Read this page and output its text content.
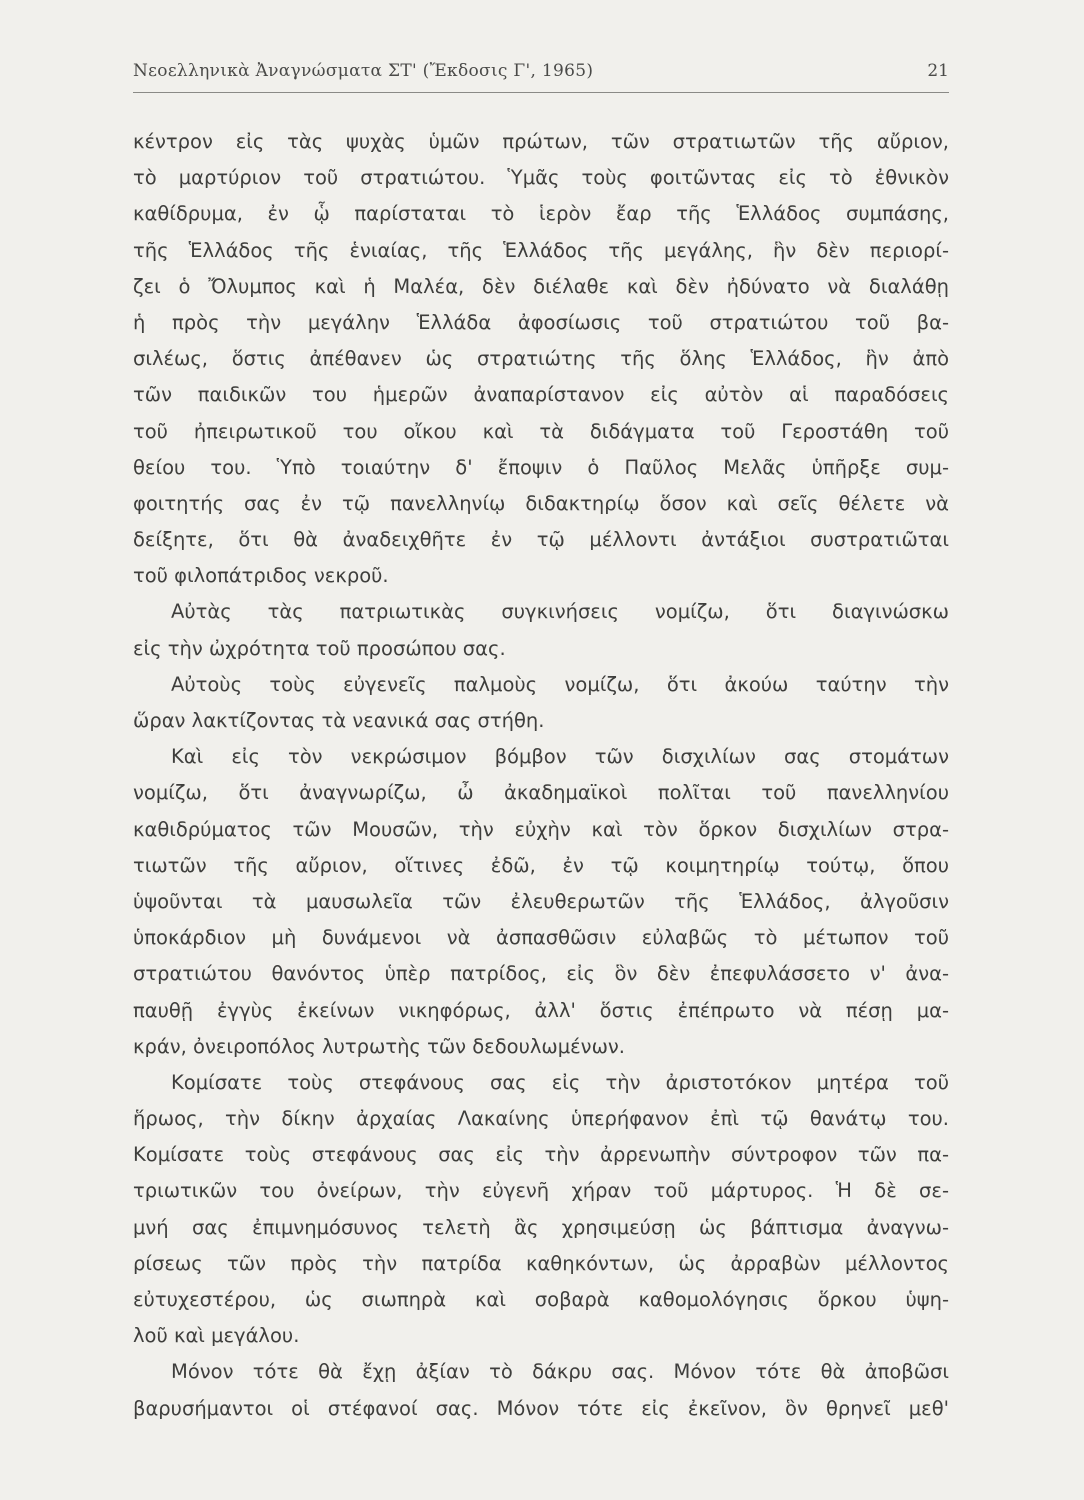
Νεοελληνικὰ Ἀναγνώσματα ΣΤ' (Ἔκδοσις Γ', 1965)	21
κέντρον εἰς τὰς ψυχὰς ὑμῶν πρώτων, τῶν στρατιωτῶν τῆς αὔριον,
τὸ μαρτύριον τοῦ στρατιώτου. Ὑμᾶς τοὺς φοιτῶντας εἰς τὸ ἐθνικὸν
καθίδρυμα, ἐν ᾧ παρίσταται τὸ ἱερὸν ἔαρ τῆς Ἑλλάδος συμπάσης,
τῆς Ἑλλάδος τῆς ἑνιαίας, τῆς Ἑλλάδος τῆς μεγάλης, ἣν δὲν περιορί-
ζει ὁ Ὄλυμπος καὶ ἡ Μαλέα, δὲν διέλαθε καὶ δὲν ἠδύνατο νὰ διαλάθῃ
ἡ πρὸς τὴν μεγάλην Ἑλλάδα ἀφοσίωσις τοῦ στρατιώτου τοῦ βα-
σιλέως, ὅστις ἀπέθανεν ὡς στρατιώτης τῆς ὅλης Ἑλλάδος, ἣν ἀπὸ
τῶν παιδικῶν του ἡμερῶν ἀναπαρίστανον εἰς αὐτὸν αἱ παραδόσεις
τοῦ ἠπειρωτικοῦ του οἴκου καὶ τὰ διδάγματα τοῦ Γεροστάθη τοῦ
θείου του. Ὑπὸ τοιαύτην δ' ἔποψιν ὁ Παῦλος Μελᾶς ὑπῆρξε συμ-
φοιτητής σας ἐν τῷ πανελληνίῳ διδακτηρίῳ ὅσον καὶ σεῖς θέλετε νὰ
δείξητε, ὅτι θὰ ἀναδειχθῆτε ἐν τῷ μέλλοντι ἀντάξιοι συστρατιῶται
τοῦ φιλοπάτριδος νεκροῦ.
Αὐτὰς τὰς πατριωτικὰς συγκινήσεις νομίζω, ὅτι διαγινώσκω
εἰς τὴν ὠχρότητα τοῦ προσώπου σας.
Αὐτοὺς τοὺς εὐγενεῖς παλμοὺς νομίζω, ὅτι ἀκούω ταύτην τὴν
ὥραν λακτίζοντας τὰ νεανικά σας στήθη.
Καὶ εἰς τὸν νεκρώσιμον βόμβον τῶν δισχιλίων σας στομάτων
νομίζω, ὅτι ἀναγνωρίζω, ὦ ἀκαδημαϊκοὶ πολῖται τοῦ πανελληνίου
καθιδρύματος τῶν Μουσῶν, τὴν εὐχὴν καὶ τὸν ὅρκον δισχιλίων στρα-
τιωτῶν τῆς αὔριον, οἵτινες ἐδῶ, ἐν τῷ κοιμητηρίῳ τούτῳ, ὅπου
ὑψοῦνται τὰ μαυσωλεῖα τῶν ἐλευθερωτῶν τῆς Ἑλλάδος, ἀλγοῦσιν
ὑποκάρδιον μὴ δυνάμενοι νὰ ἀσπασθῶσιν εὐλαβῶς τὸ μέτωπον τοῦ
στρατιώτου θανόντος ὑπὲρ πατρίδος, εἰς ὃν δὲν ἐπεφυλάσσετο ν' ἀνα-
παυθῇ ἐγγὺς ἐκείνων νικηφόρως, ἀλλ' ὅστις ἐπέπρωτο νὰ πέσῃ μα-
κράν, ὀνειροπόλος λυτρωτὴς τῶν δεδουλωμένων.
Κομίσατε τοὺς στεφάνους σας εἰς τὴν ἀριστοτόκον μητέρα τοῦ
ἥρωος, τὴν δίκην ἀρχαίας Λακαίνης ὑπερήφανον ἐπὶ τῷ θανάτῳ του.
Κομίσατε τοὺς στεφάνους σας εἰς τὴν ἀρρενωπὴν σύντροφον τῶν πα-
τριωτικῶν του ὀνείρων, τὴν εὐγενῆ χήραν τοῦ μάρτυρος. Ἡ δὲ σε-
μνή σας ἐπιμνημόσυνος τελετὴ ἂς χρησιμεύσῃ ὡς βάπτισμα ἀναγνω-
ρίσεως τῶν πρὸς τὴν πατρίδα καθηκόντων, ὡς ἀρραβὼν μέλλοντος
εὐτυχεστέρου, ὡς σιωπηρὰ καὶ σοβαρὰ καθομολόγησις ὅρκου ὑψη-
λοῦ καὶ μεγάλου.
Μόνον τότε θὰ ἔχῃ ἀξίαν τὸ δάκρυ σας. Μόνον τότε θὰ ἀποβῶσι
βαρυσήμαντοι οἱ στέφανοί σας. Μόνον τότε εἰς ἐκεῖνον, ὃν θρηνεῖ μεθ'
